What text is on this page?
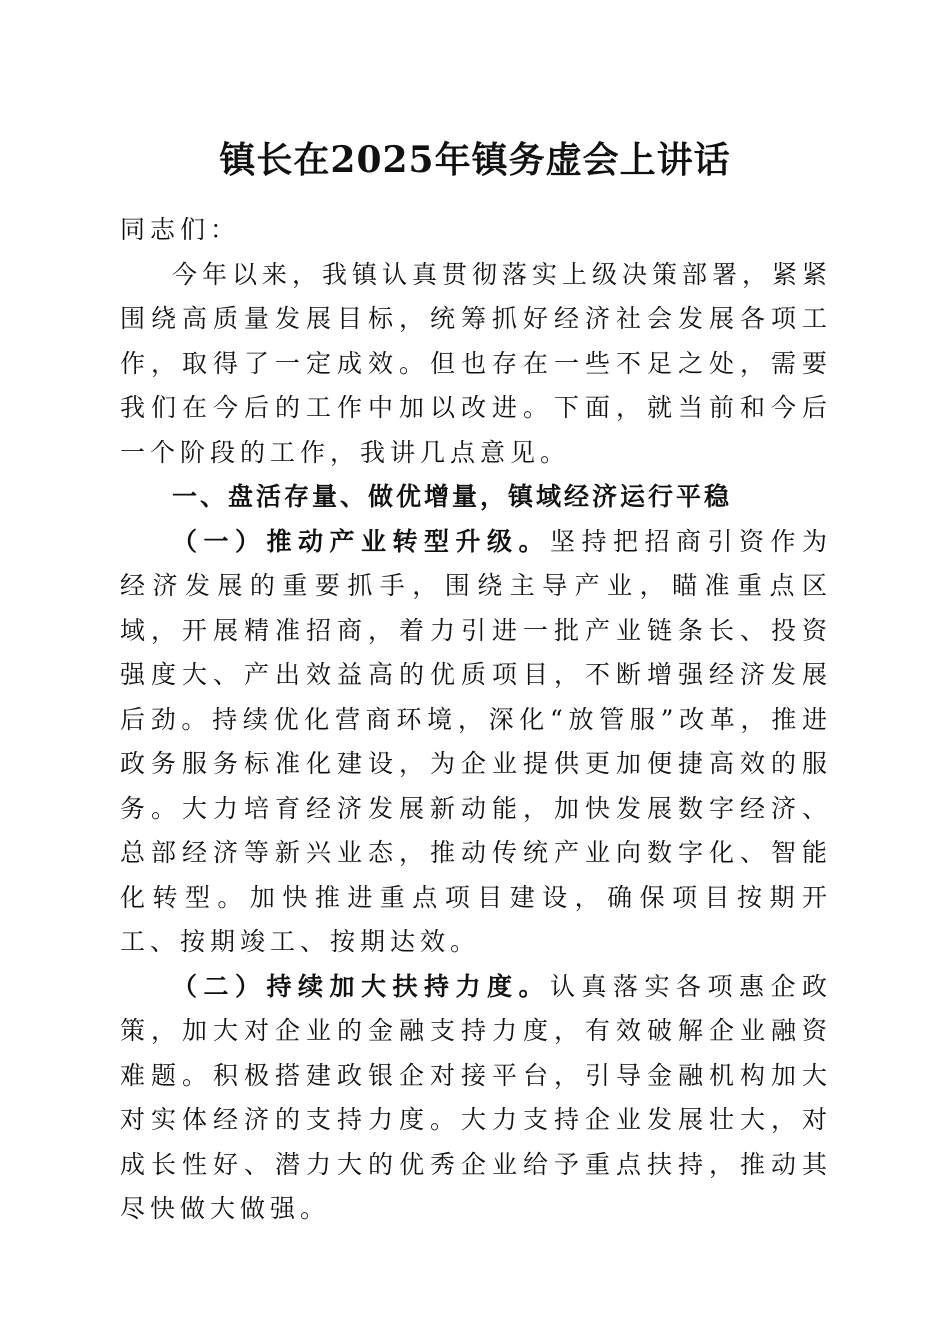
镇长在2025年镇务虚会上讲话

同志们：

今年以来，我镇认真贯彻落实上级决策部署，紧紧围绕高质量发展目标，统筹抓好经济社会发展各项工作，取得了一定成效。但也存在一些不足之处，需要我们在今后的工作中加以改进。下面，就当前和今后一个阶段的工作，我讲几点意见。

一、盘活存量、做优增量，镇域经济运行平稳

（一）推动产业转型升级。坚持把招商引资作为经济发展的重要抓手，围绕主导产业，瞄准重点区域，开展精准招商，着力引进一批产业链条长、投资强度大、产出效益高的优质项目，不断增强经济发展后劲。持续优化营商环境，深化“放管服”改革，推进政务服务标准化建设，为企业提供更加便捷高效的服务。大力培育经济发展新动能，加快发展数字经济、总部经济等新兴业态，推动传统产业向数字化、智能化转型。加快推进重点项目建设，确保项目按期开工、按期竣工、按期达效。

（二）持续加大扶持力度。认真落实各项惠企政策，加大对企业的金融支持力度，有效破解企业融资难题。积极搭建政银企对接平台，引导金融机构加大对实体经济的支持力度。大力支持企业发展壮大，对成长性好、潜力大的优秀企业给予重点扶持，推动其尽快做大做强。
